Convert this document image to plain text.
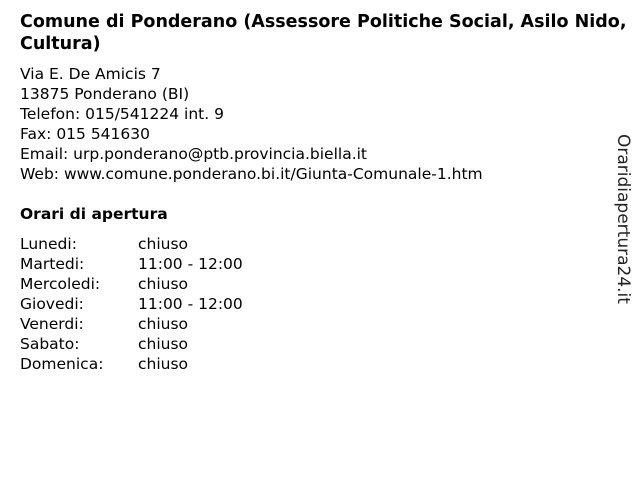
Comune di Ponderano (Assessore Politiche Social, Asilo Nido, Cultura)
Via E. De Amicis 7
13875 Ponderano (BI)
Telefon: 015/541224 int. 9
Fax: 015 541630
Email: urp.ponderano@ptb.provincia.biella.it
Web: www.comune.ponderano.bi.it/Giunta-Comunale-1.htm
Orari di apertura
Lunedi:	chiuso
Martedi:	11:00 - 12:00
Mercoledi: chiuso
Giovedi:	11:00 - 12:00
Venerdi:	chiuso
Sabato:	chiuso
Domenica: chiuso
Oraridiapertura24.it
